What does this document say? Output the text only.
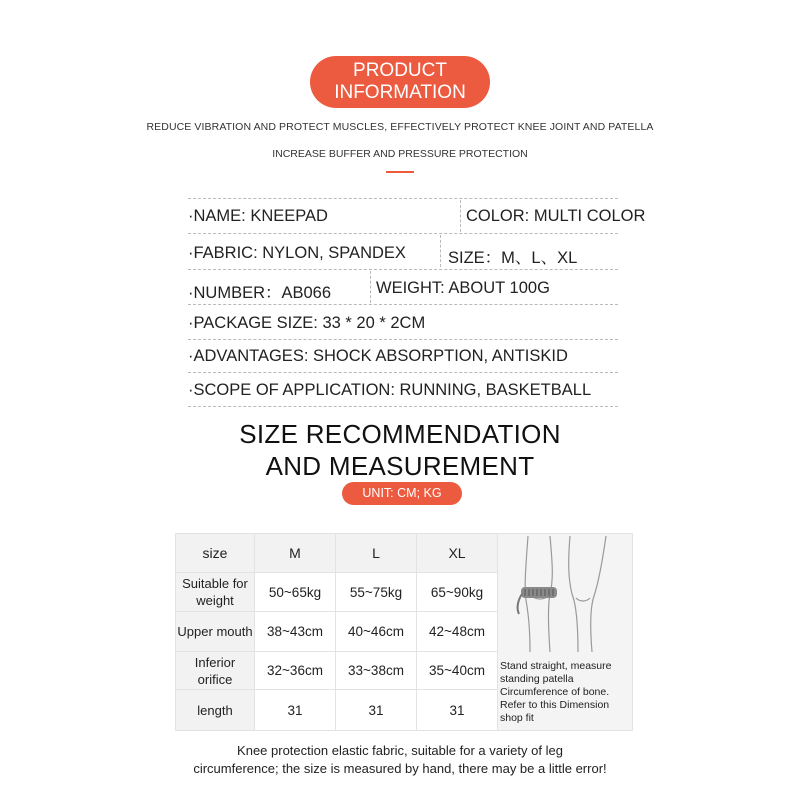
PRODUCT
INFORMATION
REDUCE VIBRATION AND PROTECT MUSCLES, EFFECTIVELY PROTECT KNEE JOINT AND PATELLA
INCREASE BUFFER AND PRESSURE PROTECTION
·NAME: KNEEPAD	COLOR: MULTI COLOR
·FABRIC: NYLON, SPANDEX	SIZE：M、L、XL
·NUMBER：AB066	WEIGHT: ABOUT 100G
·PACKAGE SIZE: 33 * 20 * 2CM
·ADVANTAGES: SHOCK ABSORPTION, ANTISKID
·SCOPE OF APPLICATION: RUNNING, BASKETBALL
SIZE RECOMMENDATION
AND MEASUREMENT
UNIT: CM; KG
size	M	L	XL	

Suitable for weight	50~65kg	55~75kg	65~90kg	
Upper mouth	38~43cm	40~46cm	42~48cm	
Inferior orifice	32~36cm	33~38cm	35~40cm	
length	31	31	31	
Stand straight, measure standing patella Circumference of bone. Refer to this Dimension shop fit
Knee protection elastic fabric, suitable for a variety of leg
circumference; the size is measured by hand, there may be a little error!
